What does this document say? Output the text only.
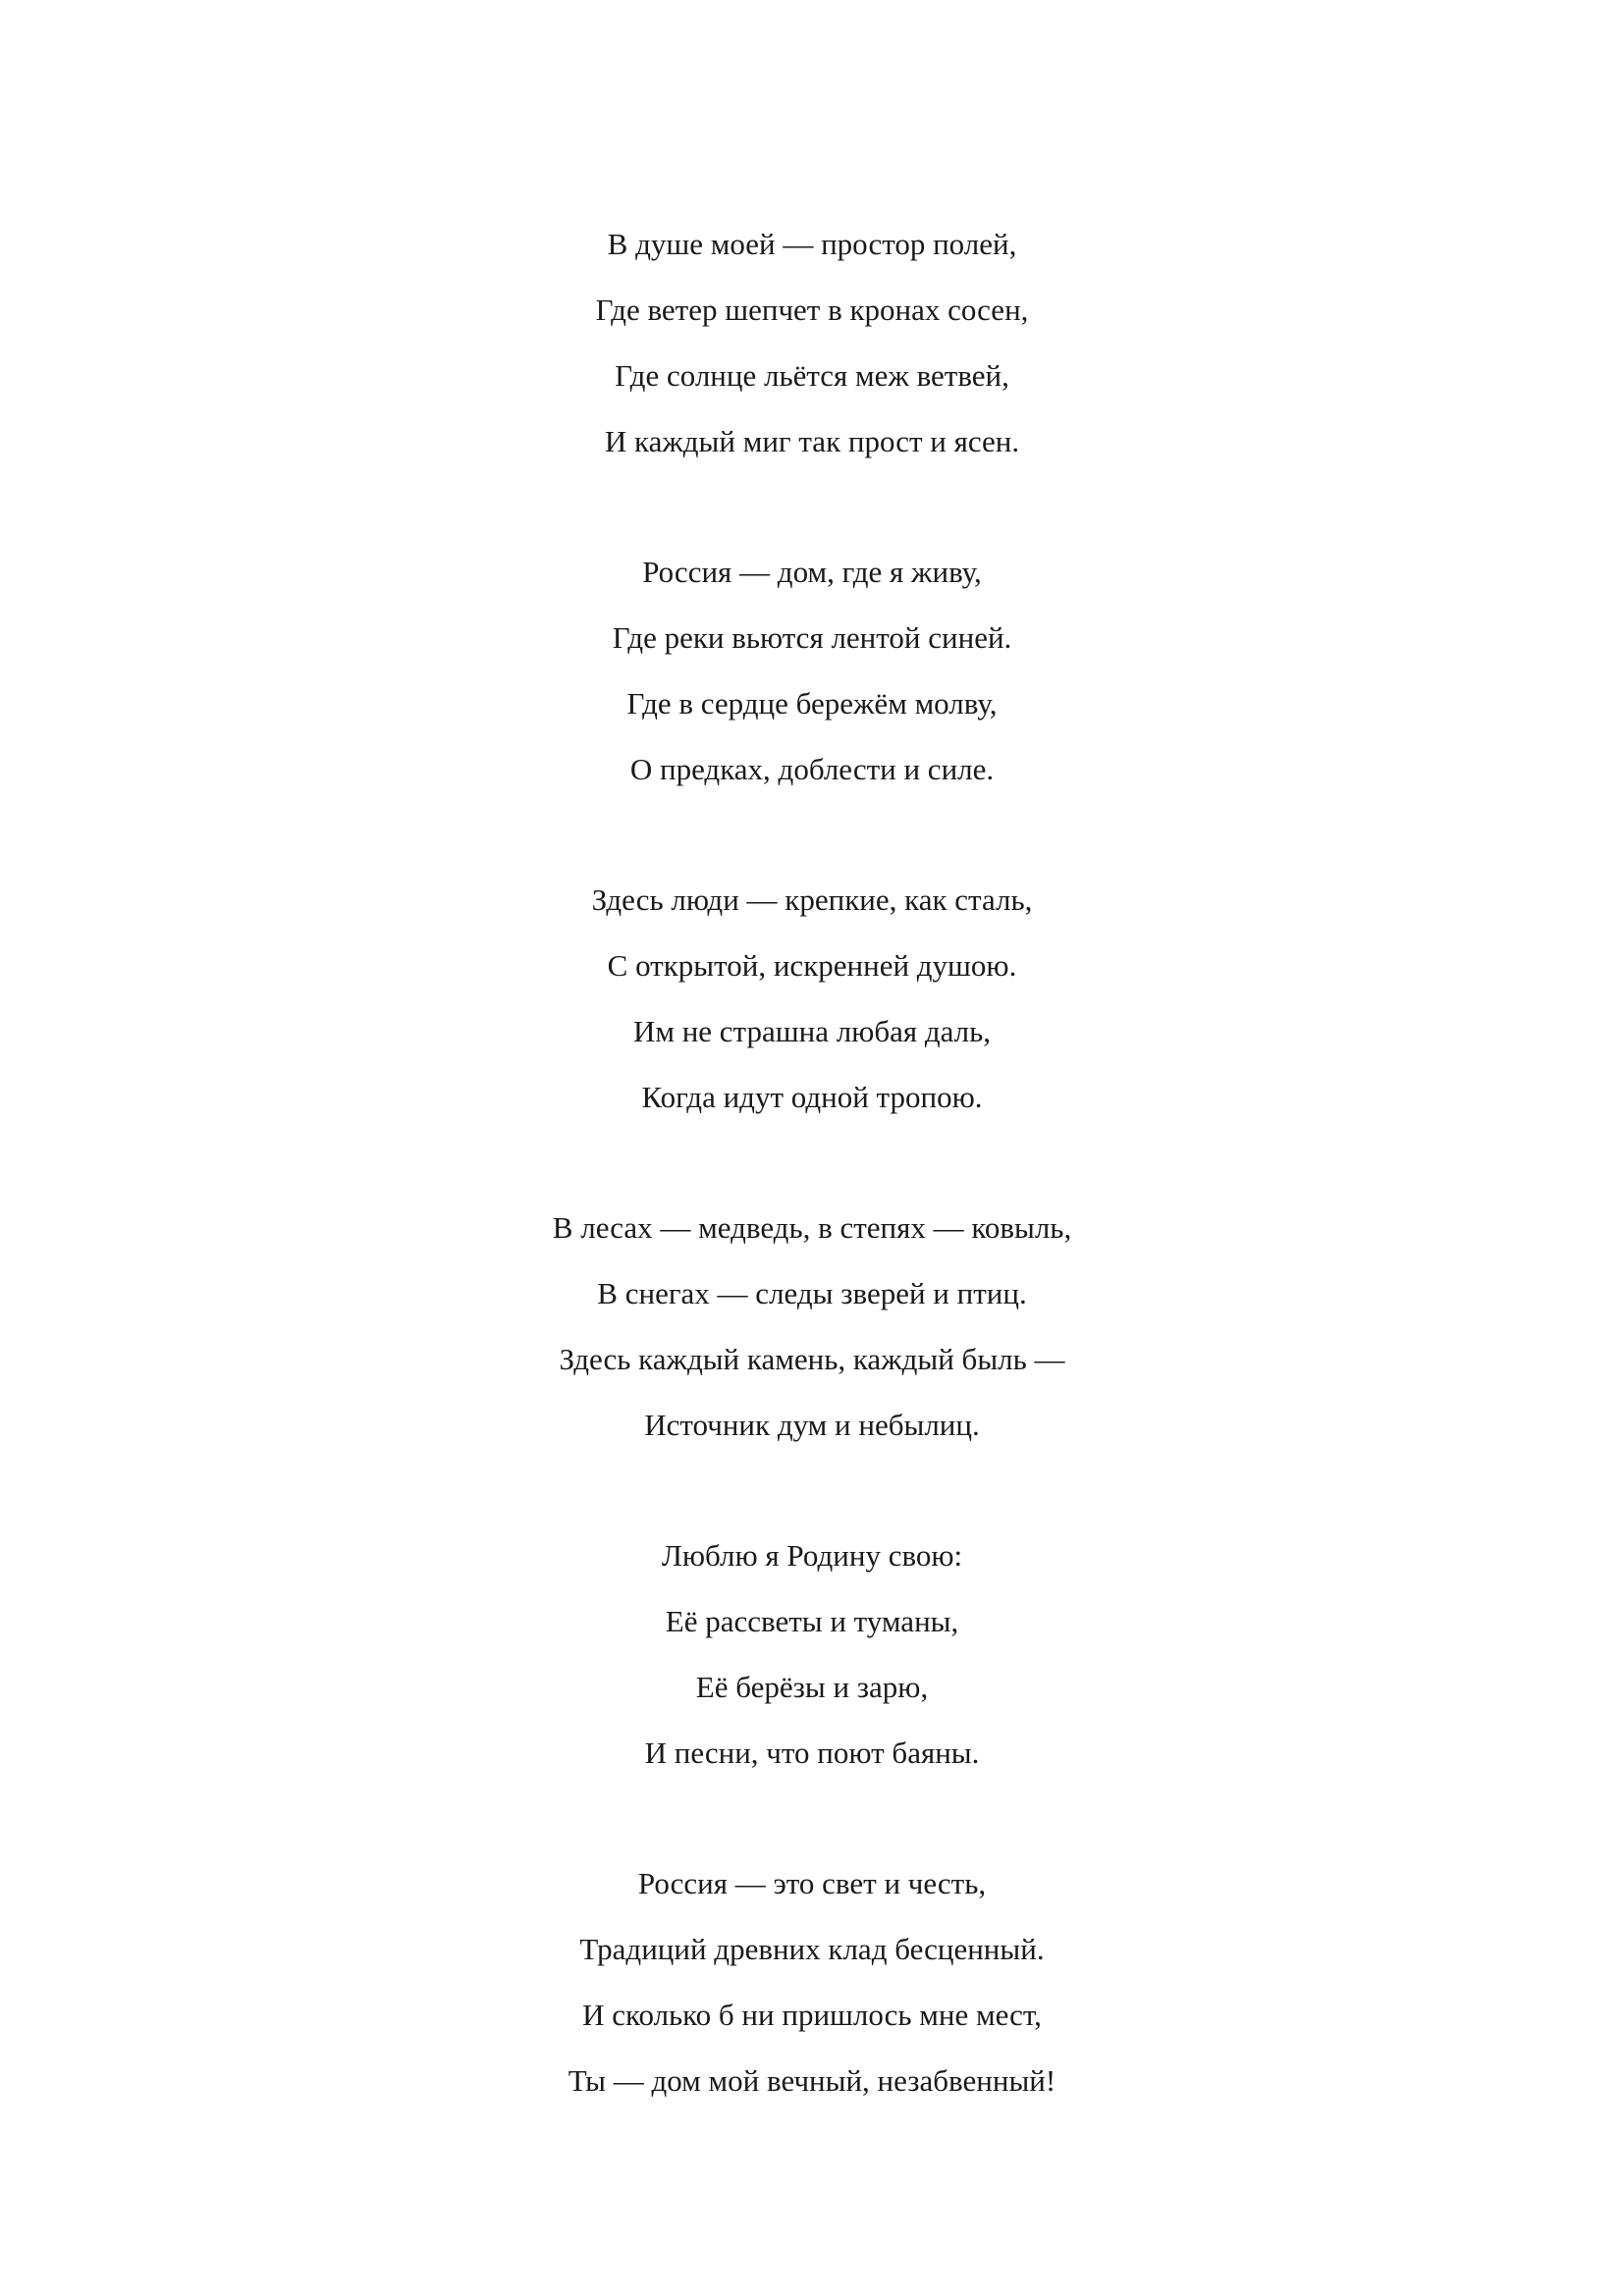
В душе моей — простор полей,
Где ветер шепчет в кронах сосен,
Где солнце льётся меж ветвей,
И каждый миг так прост и ясен.
Россия — дом, где я живу,
Где реки вьются лентой синей.
Где в сердце бережём молву,
О предках, доблести и силе.
Здесь люди — крепкие, как сталь,
С открытой, искренней душою.
Им не страшна любая даль,
Когда идут одной тропою.
В лесах — медведь, в степях — ковыль,
В снегах — следы зверей и птиц.
Здесь каждый камень, каждый быль —
Источник дум и небылиц.
Люблю я Родину свою:
Её рассветы и туманы,
Её берёзы и зарю,
И песни, что поют баяны.
Россия — это свет и честь,
Традиций древних клад бесценный.
И сколько б ни пришлось мне мест,
Ты — дом мой вечный, незабвенный!
